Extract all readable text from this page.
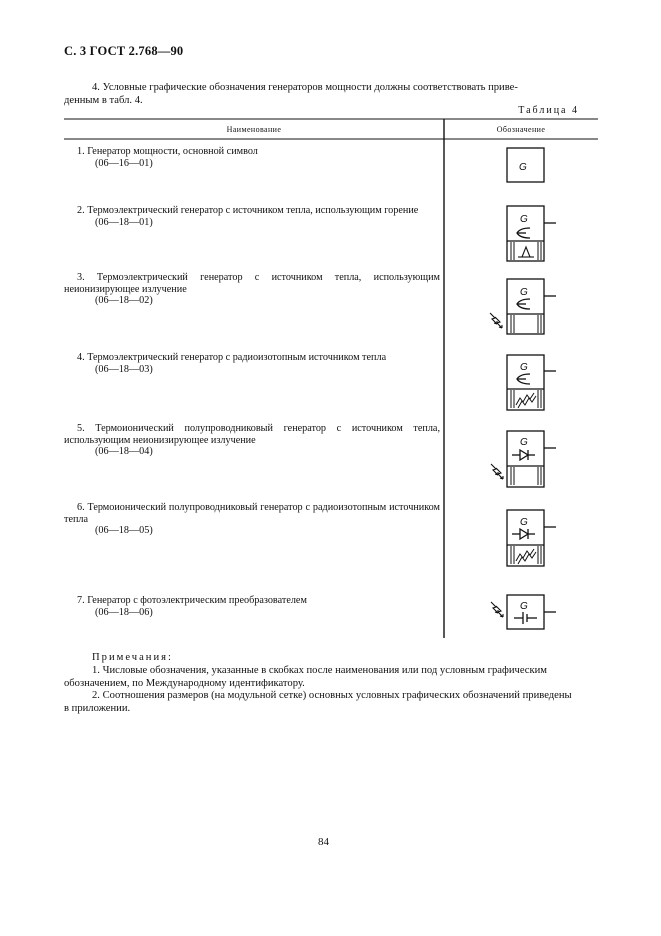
С. 3 ГОСТ 2.768—90
4. Условные графические обозначения генераторов мощности должны соответствовать приве-
денным в табл. 4.
Таблица 4
Наименование	Обозначение
1. Генератор мощности, основной символ
(06—16—01)
2. Термоэлектрический генератор с источником тепла, использующим горение
(06—18—01)
3. Термоэлектрический генератор с источником тепла, использующим неионизирующее излучение
(06—18—02)
4. Термоэлектрический генератор с радиоизотопным источником тепла
(06—18—03)
5. Термоионический полупроводниковый генератор с источником тепла, использующим неионизирующее излучение
(06—18—04)
6. Термоионический полупроводниковый генератор с радиоизотопным источником тепла
(06—18—05)
7. Генератор с фотоэлектрическим преобразователем
(06—18—06)
G
G
G
G
G
G
G
Примечания:
1. Числовые обозначения, указанные в скобках после наименования или под условным графическим
обозначением, по Международному идентификатору.
2. Соотношения размеров (на модульной сетке) основных условных графических обозначений приведены
в приложении.
84
